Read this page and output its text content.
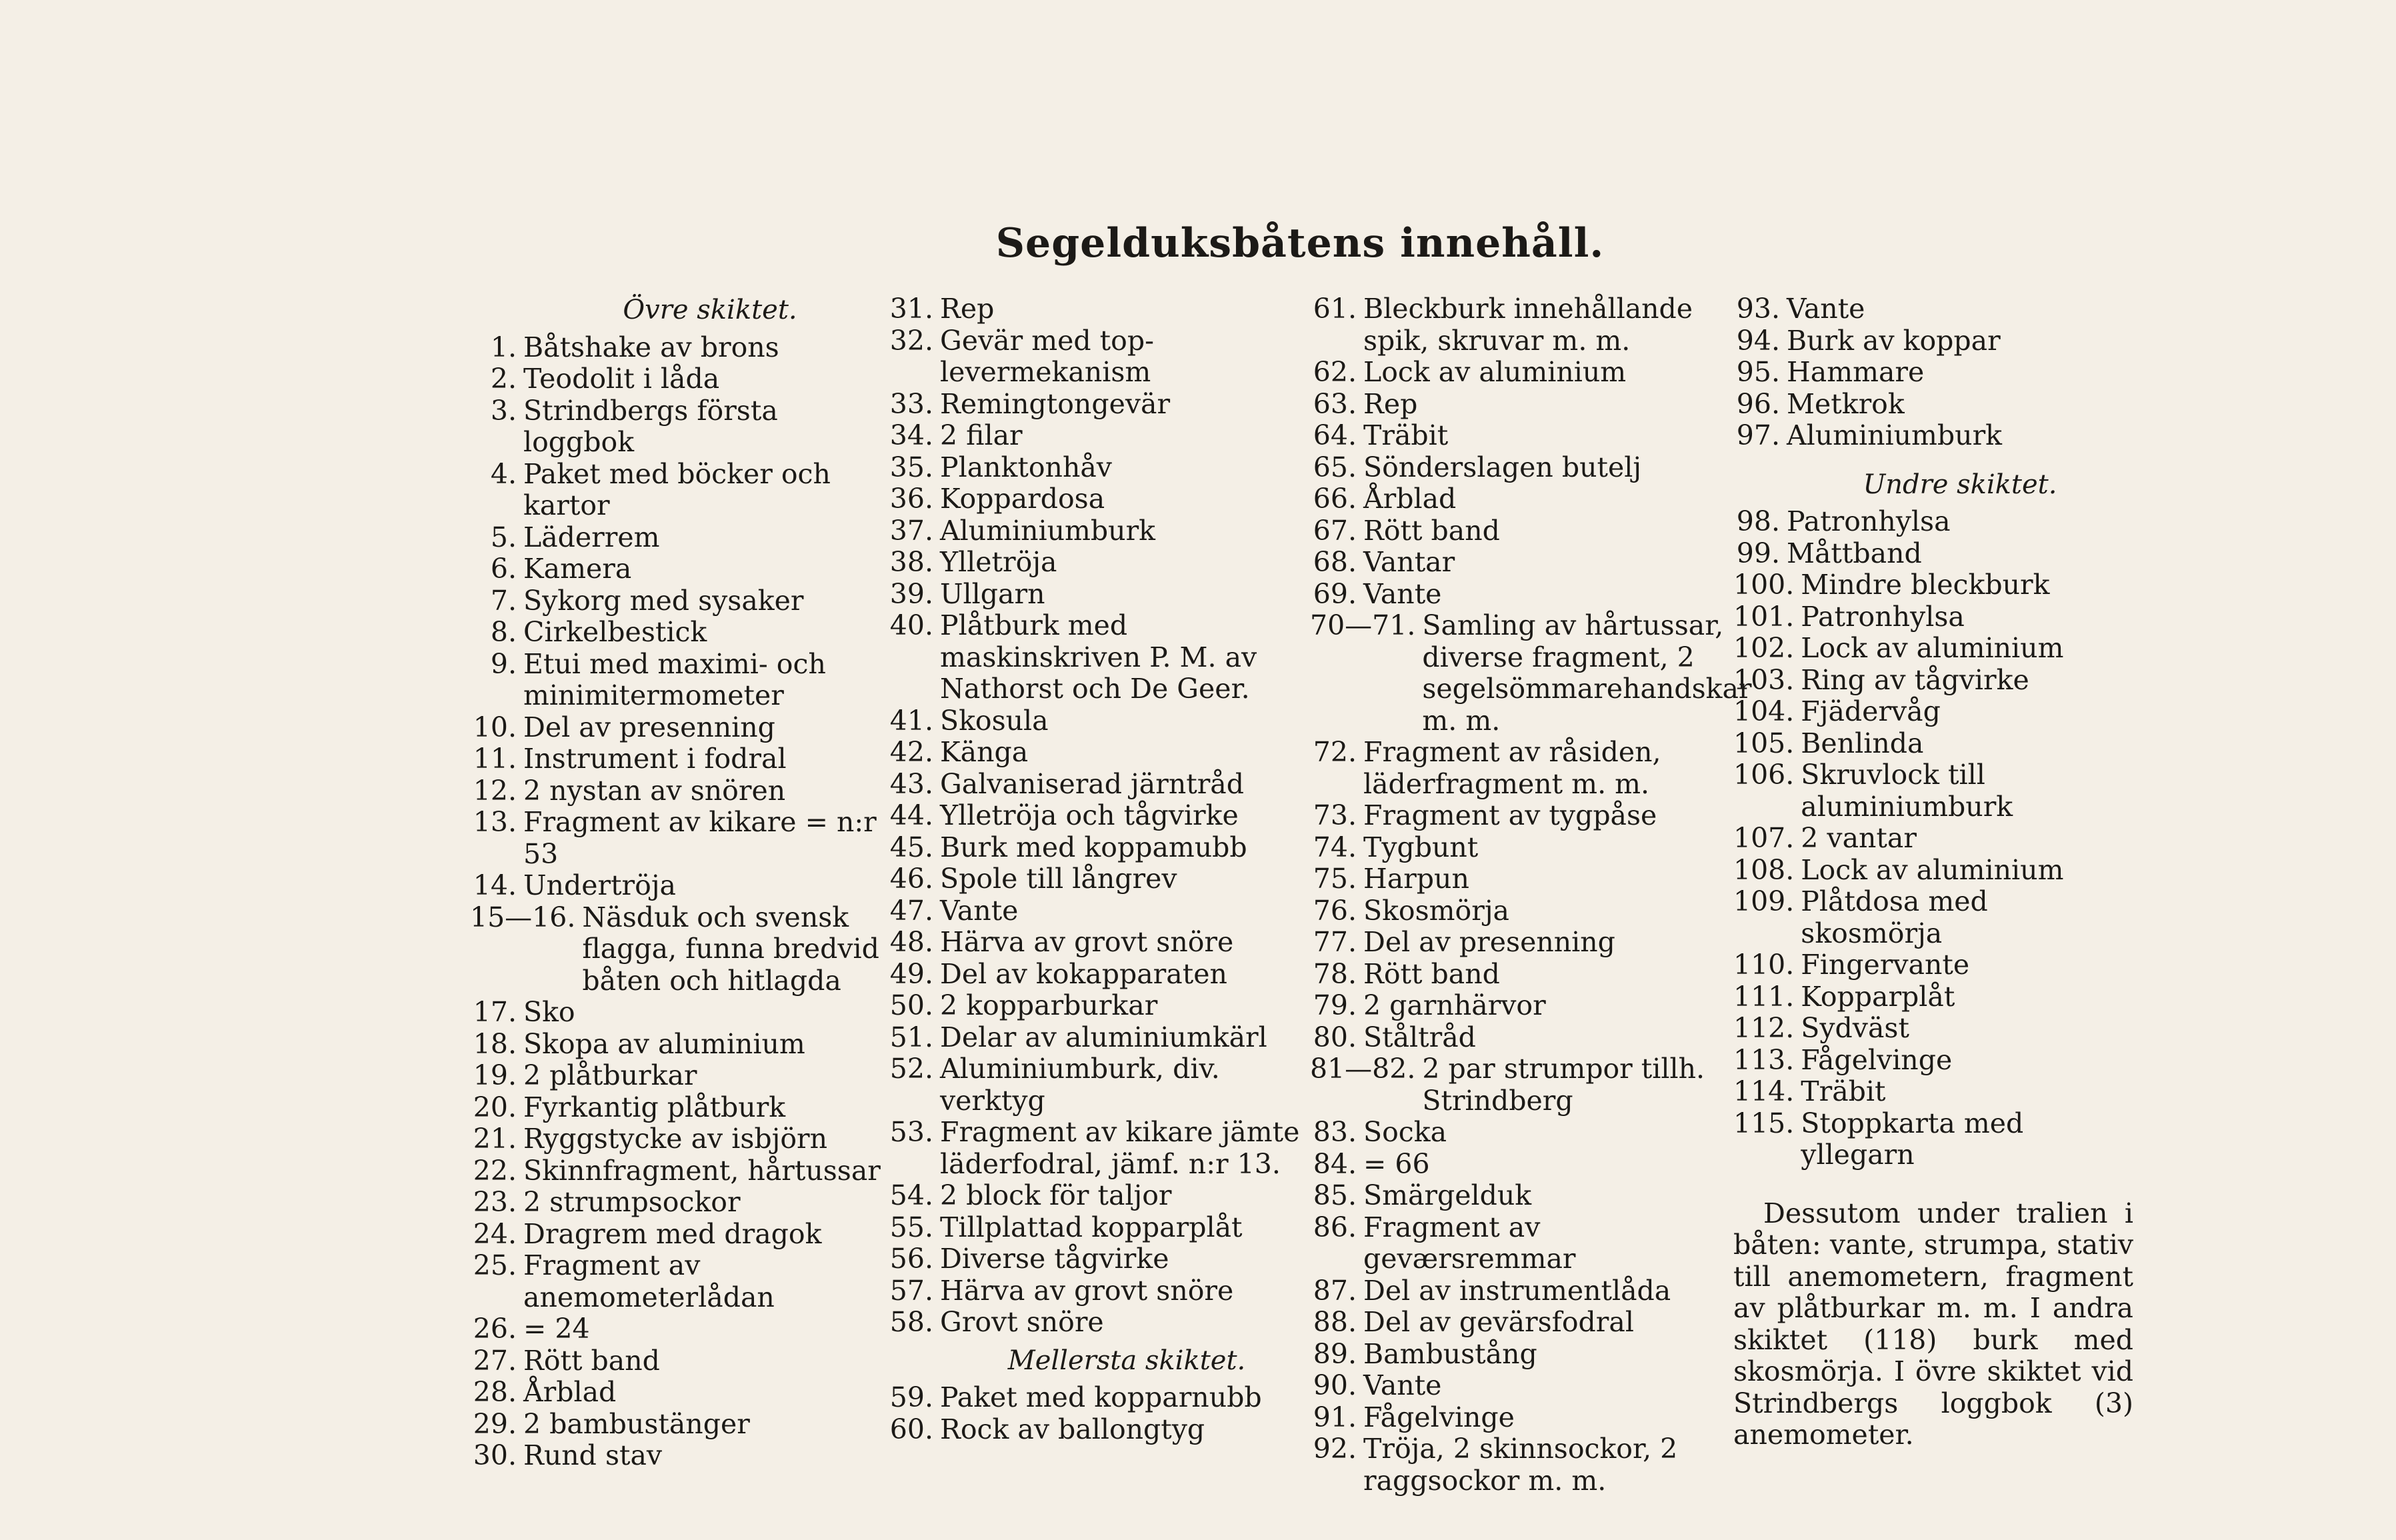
Segelduksbåtens innehåll.
Övre skiktet.
1. Båtshake av brons
2. Teodolit i låda
3. Strindbergs första loggbok
4. Paket med böcker och kartor
5. Läderrem
6. Kamera
7. Sykorg med sysaker
8. Cirkelbestick
9. Etui med maximi- och minimitermometer
10. Del av presenning
11. Instrument i fodral
12. 2 nystan av snören
13. Fragment av kikare = n:r 53
14. Undertröja
15—16. Näsduk och svensk flagga, funna bredvid båten och hitlagda
17. Sko
18. Skopa av aluminium
19. 2 plåtburkar
20. Fyrkantig plåtburk
21. Ryggstycke av isbjörn
22. Skinnfragment, hårtussar
23. 2 strumpsockor
24. Dragrem med dragok
25. Fragment av anemometerlådan
26. = 24
27. Rött band
28. Årblad
29. 2 bambustänger
30. Rund stav
31. Rep
32. Gevär med top-levermekanism
33. Remingtongevär
34. 2 filar
35. Planktonhåv
36. Koppardosa
37. Aluminiumburk
38. Ylletröja
39. Ullgarn
40. Plåtburk med maskinskriven P. M. av Nathorst och De Geer.
41. Skosula
42. Känga
43. Galvaniserad järntråd
44. Ylletröja och tågvirke
45. Burk med koppamubb
46. Spole till långrev
47. Vante
48. Härva av grovt snöre
49. Del av kokapparaten
50. 2 kopparburkar
51. Delar av aluminiumkärl
52. Aluminiumburk, div. verktyg
53. Fragment av kikare jämte läderfodral, jämf. n:r 13.
54. 2 block för taljor
55. Tillplattad kopparplåt
56. Diverse tågvirke
57. Härva av grovt snöre
58. Grovt snöre
Mellersta skiktet.
59. Paket med kopparnubb
60. Rock av ballongtyg
61. Bleckburk innehållande spik, skruvar m. m.
62. Lock av aluminium
63. Rep
64. Träbit
65. Sönderslagen butelj
66. Årblad
67. Rött band
68. Vantar
69. Vante
70—71. Samling av hårtussar, diverse fragment, 2 segelsömmarehandskar m. m.
72. Fragment av råsiden, läderfragment m. m.
73. Fragment av tygpåse
74. Tygbunt
75. Harpun
76. Skosmörja
77. Del av presenning
78. Rött band
79. 2 garnhärvor
80. Ståltråd
81—82. 2 par strumpor tillh. Strindberg
83. Socka
84. = 66
85. Smärgelduk
86. Fragment av geværsremmar
87. Del av instrumentlåda
88. Del av gevärsfodral
89. Bambustång
90. Vante
91. Fågelvinge
92. Tröja, 2 skinnsockor, 2 raggsockor m. m.
93. Vante
94. Burk av koppar
95. Hammare
96. Metkrok
97. Aluminiumburk
Undre skiktet.
98. Patronhylsa
99. Måttband
100. Mindre bleckburk
101. Patronhylsa
102. Lock av aluminium
103. Ring av tågvirke
104. Fjädervåg
105. Benlinda
106. Skruvlock till aluminiumburk
107. 2 vantar
108. Lock av aluminium
109. Plåtdosa med skosmörja
110. Fingervante
111. Kopparplåt
112. Sydväst
113. Fågelvinge
114. Träbit
115. Stoppkarta med yllegarn
Dessutom under tralien i båten: vante, strumpa, stativ till anemometern, fragment av plåtburkar m. m. I andra skiktet (118) burk med skosmörja. I övre skiktet vid Strindbergs loggbok (3) anemometer.
